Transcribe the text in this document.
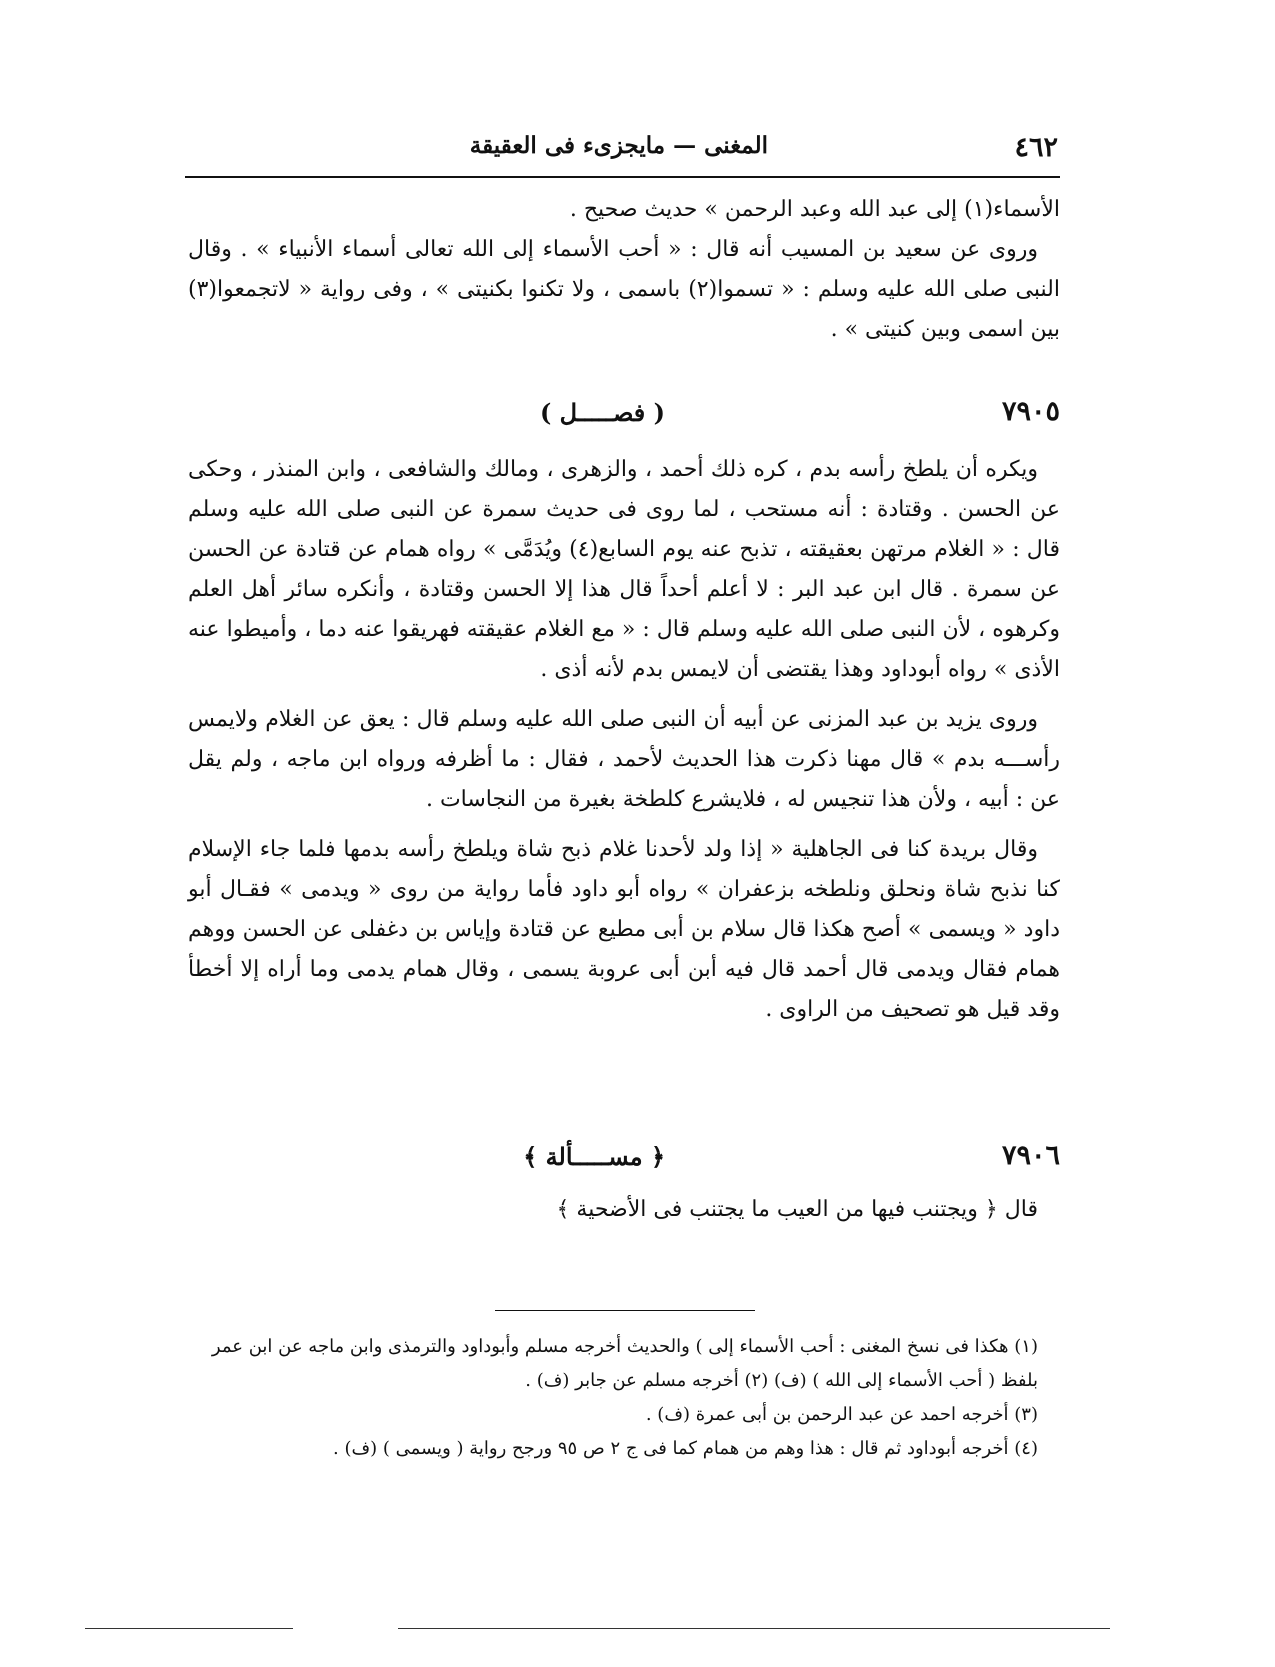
٤٦٢
المغنى — مايجزىء فى العقيقة

الأسماء(١) إلى عبد الله وعبد الرحمن » حديث صحيح .

وروى عن سعيد بن المسيب أنه قال : « أحب الأسماء إلى الله تعالى أسماء الأنبياء » . وقال النبى صلى الله عليه وسلم : « تسموا(٢) باسمى ، ولا تكنوا بكنيتى » ، وفى رواية « لاتجمعوا(٣) بين اسمى وبين كنيتى » .

٧٩٠٥
( فصـــــل )

ويكره أن يلطخ رأسه بدم ، كره ذلك أحمد ، والزهرى ، ومالك والشافعى ، وابن المنذر ، وحكى عن الحسن . وقتادة : أنه مستحب ، لما روى فى حديث سمرة عن النبى صلى الله عليه وسلم قال : « الغلام مرتهن بعقيقته ، تذبح عنه يوم السابع(٤) ويُدَمَّى » رواه همام عن قتادة عن الحسن عن سمرة . قال ابن عبد البر : لا أعلم أحداً قال هذا إلا الحسن وقتادة ، وأنكره سائر أهل العلم وكرهوه ، لأن النبى صلى الله عليه وسلم قال : « مع الغلام عقيقته فهريقوا عنه دما ، وأميطوا عنه الأذى » رواه أبوداود وهذا يقتضى أن لايمس بدم لأنه أذى .

وروى يزيد بن عبد المزنى عن أبيه أن النبى صلى الله عليه وسلم قال : يعق عن الغلام ولايمس رأســـه بدم » قال مهنا ذكرت هذا الحديث لأحمد ، فقال : ما أظرفه ورواه ابن ماجه ، ولم يقل عن : أبيه ، ولأن هذا تنجيس له ، فلايشرع كلطخة بغيرة من النجاسات .

وقال بريدة كنا فى الجاهلية « إذا ولد لأحدنا غلام ذبح شاة ويلطخ رأسه بدمها فلما جاء الإسلام كنا نذبح شاة ونحلق ونلطخه بزعفران » رواه أبو داود فأما رواية من روى « ويدمى » فقـال أبو داود « ويسمى » أصح هكذا قال سلام بن أبى مطيع عن قتادة وإياس بن دغفلى عن الحسن ووهم همام فقال ويدمى قال أحمد قال فيه أبن أبى عروبة يسمى ، وقال همام يدمى وما أراه إلا أخطأ وقد قيل هو تصحيف من الراوى .

٧٩٠٦
﴿ مســـــألة ﴾

قال ﴿ ويجتنب فيها من العيب ما يجتنب فى الأضحية ﴾

(١) هكذا فى نسخ المغنى : أحب الأسماء إلى ) والحديث أخرجه مسلم وأبوداود والترمذى وابن ماجه عن ابن عمر بلفظ ( أحب الأسماء إلى الله ) (ف) (٢) أخرجه مسلم عن جابر (ف) .

(٣) أخرجه احمد عن عبد الرحمن بن أبى عمرة (ف) .

(٤) أخرجه أبوداود ثم قال : هذا وهم من همام كما فى ج ٢ ص ٩٥ ورجح رواية ( ويسمى ) (ف) .
